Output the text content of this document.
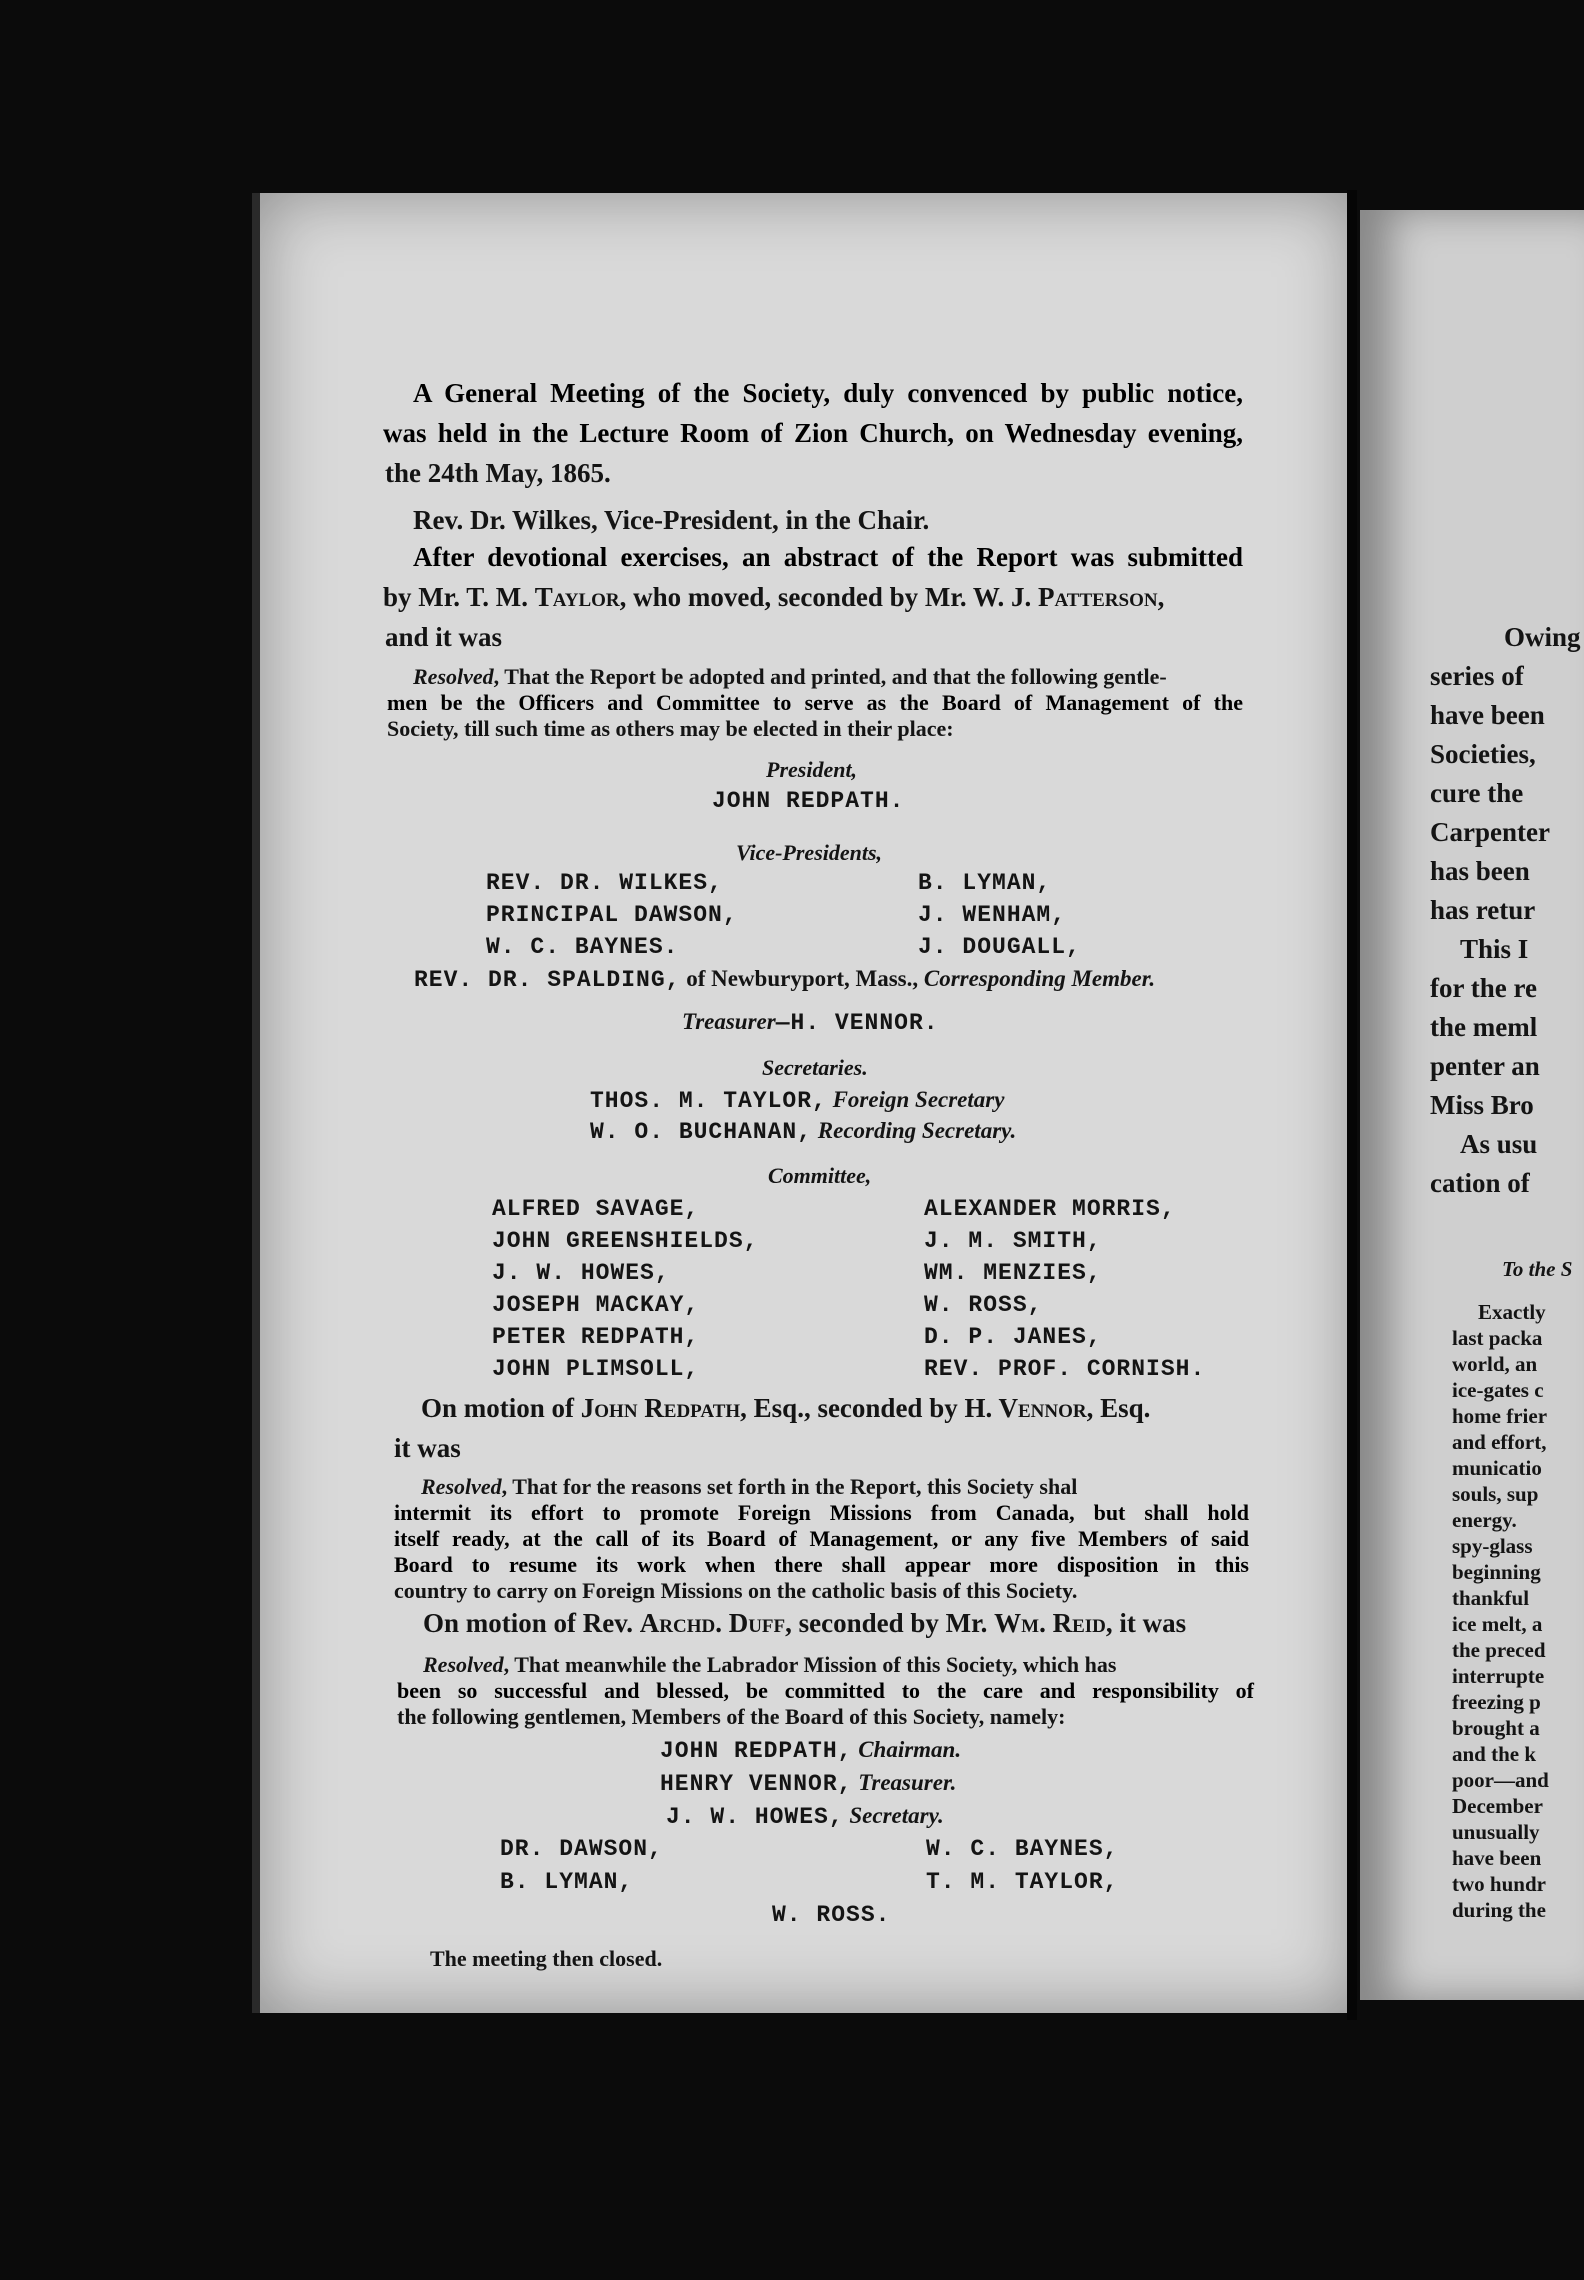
A General Meeting of the Society, duly convenced by public notice,
was held in the Lecture Room of Zion Church, on Wednesday evening,
the 24th May, 1865.
Rev. Dr. Wilkes, Vice-President, in the Chair.
After devotional exercises, an abstract of the Report was submitted
by Mr. T. M. Taylor, who moved, seconded by Mr. W. J. Patterson,
and it was
Resolved, That the Report be adopted and printed, and that the following gentle-
men be the Officers and Committee to serve as the Board of Management of the
Society, till such time as others may be elected in their place:
President,
JOHN REDPATH.
Vice-Presidents,
REV. DR. WILKES,
PRINCIPAL DAWSON,
W. C. BAYNES.
B. LYMAN,
J. WENHAM,
J. DOUGALL,
REV. DR. SPALDING, of Newburyport, Mass., Corresponding Member.
Treasurer—H. VENNOR.
Secretaries.
THOS. M. TAYLOR, Foreign Secretary
W. O. BUCHANAN, Recording Secretary.
Committee,
ALFRED SAVAGE,
JOHN GREENSHIELDS,
J. W. HOWES,
JOSEPH MACKAY,
PETER REDPATH,
JOHN PLIMSOLL,
ALEXANDER MORRIS,
J. M. SMITH,
WM. MENZIES,
W. ROSS,
D. P. JANES,
REV. PROF. CORNISH.
On motion of John Redpath, Esq., seconded by H. Vennor, Esq.
it was
Resolved, That for the reasons set forth in the Report, this Society shal
intermit its effort to promote Foreign Missions from Canada, but shall hold
itself ready, at the call of its Board of Management, or any five Members of said
Board to resume its work when there shall appear more disposition in this
country to carry on Foreign Missions on the catholic basis of this Society.
On motion of Rev. Archd. Duff, seconded by Mr. Wm. Reid, it was
Resolved, That meanwhile the Labrador Mission of this Society, which has
been so successful and blessed, be committed to the care and responsibility of
the following gentlemen, Members of the Board of this Society, namely:
JOHN REDPATH, Chairman.
HENRY VENNOR, Treasurer.
J. W. HOWES, Secretary.
DR. DAWSON,
B. LYMAN,
W. C. BAYNES,
T. M. TAYLOR,
W. ROSS.
The meeting then closed.
Owing
series of
have been
Societies,
cure the
Carpenter
has been
has retur
This I
for the re
the meml
penter an
Miss Bro
As usu
cation of
To the S
Exactly
last packa
world, an
ice-gates c
home frier
and effort,
municatio
souls, sup
energy.
spy-glass
beginning
thankful
ice melt, a
the preced
interrupte
freezing p
brought a
and the k
poor—and
December
unusually
have been
two hundr
during the
